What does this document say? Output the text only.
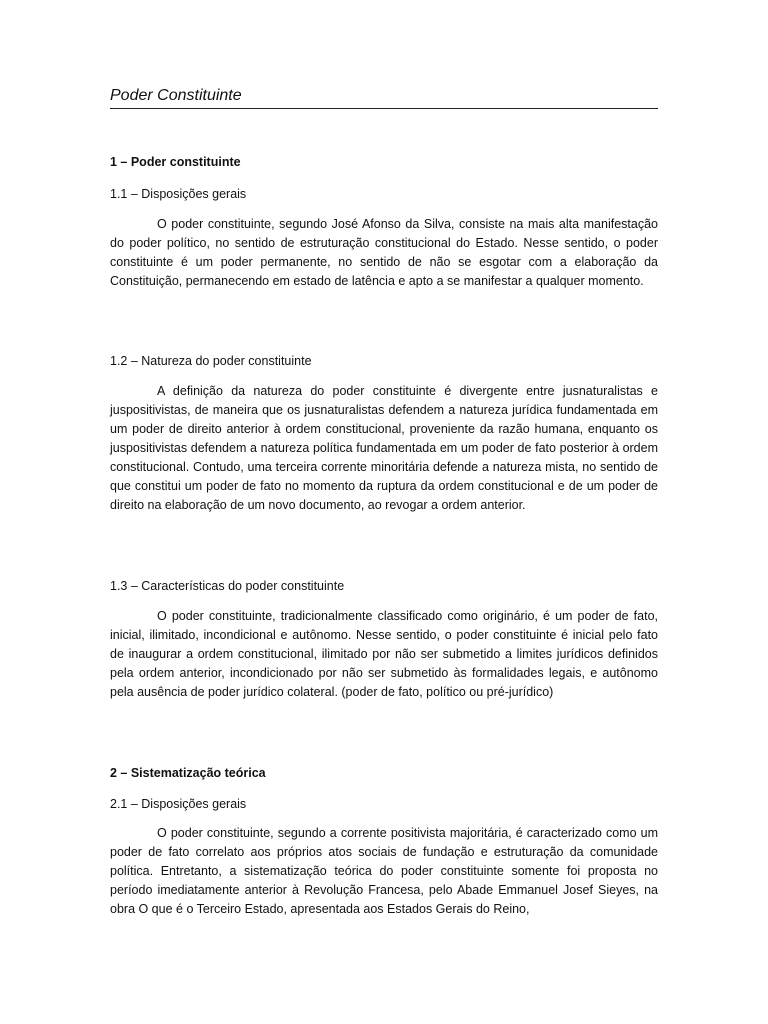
Poder Constituinte
1 – Poder constituinte
1.1 – Disposições gerais

O poder constituinte, segundo José Afonso da Silva, consiste na mais alta manifestação do poder político, no sentido de estruturação constitucional do Estado. Nesse sentido, o poder constituinte é um poder permanente, no sentido de não se esgotar com a elaboração da Constituição, permanecendo em estado de latência e apto a se manifestar a qualquer momento.

1.2 – Natureza do poder constituinte

A definição da natureza do poder constituinte é divergente entre jusnaturalistas e juspositivistas, de maneira que os jusnaturalistas defendem a natureza jurídica fundamentada em um poder de direito anterior à ordem constitucional, proveniente da razão humana, enquanto os juspositivistas defendem a natureza política fundamentada em um poder de fato posterior à ordem constitucional. Contudo, uma terceira corrente minoritária defende a natureza mista, no sentido de que constitui um poder de fato no momento da ruptura da ordem constitucional e de um poder de direito na elaboração de um novo documento, ao revogar a ordem anterior.

1.3 – Características do poder constituinte

O poder constituinte, tradicionalmente classificado como originário, é um poder de fato, inicial, ilimitado, incondicional e autônomo. Nesse sentido, o poder constituinte é inicial pelo fato de inaugurar a ordem constitucional, ilimitado por não ser submetido a limites jurídicos definidos pela ordem anterior, incondicionado por não ser submetido às formalidades legais, e autônomo pela ausência de poder jurídico colateral. (poder de fato, político ou pré-jurídico)

2 – Sistematização teórica
2.1 – Disposições gerais

O poder constituinte, segundo a corrente positivista majoritária, é caracterizado como um poder de fato correlato aos próprios atos sociais de fundação e estruturação da comunidade política. Entretanto, a sistematização teórica do poder constituinte somente foi proposta no período imediatamente anterior à Revolução Francesa, pelo Abade Emmanuel Josef Sieyes, na obra O que é o Terceiro Estado, apresentada aos Estados Gerais do Reino,
